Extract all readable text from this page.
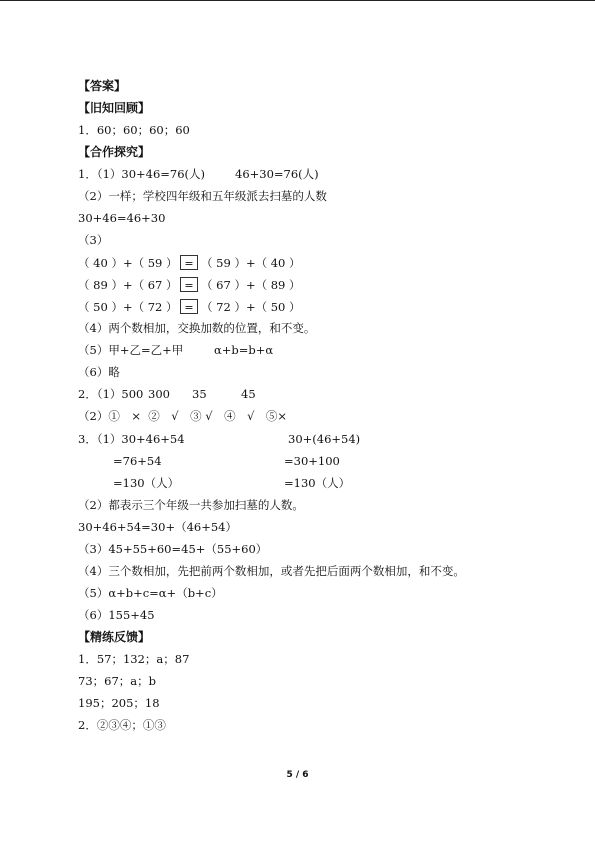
【答案】
【旧知回顾】
1．60；60；60；60
【合作探究】
1．（1）30+46=76(人)	46+30=76(人)
（2）一样；学校四年级和五年级派去扫墓的人数
30+46=46+30
（3）
（ 40 ）+（ 59 ） = （ 59 ）+（ 40 ）
（ 89 ）+（ 67 ） = （ 67 ）+（ 89 ）
（ 50 ）+（ 72 ） = （ 72 ）+（ 50 ）
（4）两个数相加，交换加数的位置，和不变。
（5）甲+乙=乙+甲	α+b=b+α
（6）略
2．（1）500 300 35	45
（2）①　×  ②　√　③ √　④　√　⑤×
3．（1）30+46+54	30+(46+54)
=76+54	=30+100
=130（人）	=130（人）
（2）都表示三个年级一共参加扫墓的人数。
30+46+54=30+（46+54）
（3）45+55+60=45+（55+60）
（4）三个数相加，先把前两个数相加，或者先把后面两个数相加，和不变。
（5）α+b+c=α+（b+c）
（6）155+45
【精练反馈】
1．57；132；a；87
73；67；a；b
195；205；18
2．②③④；①③
5 / 6
